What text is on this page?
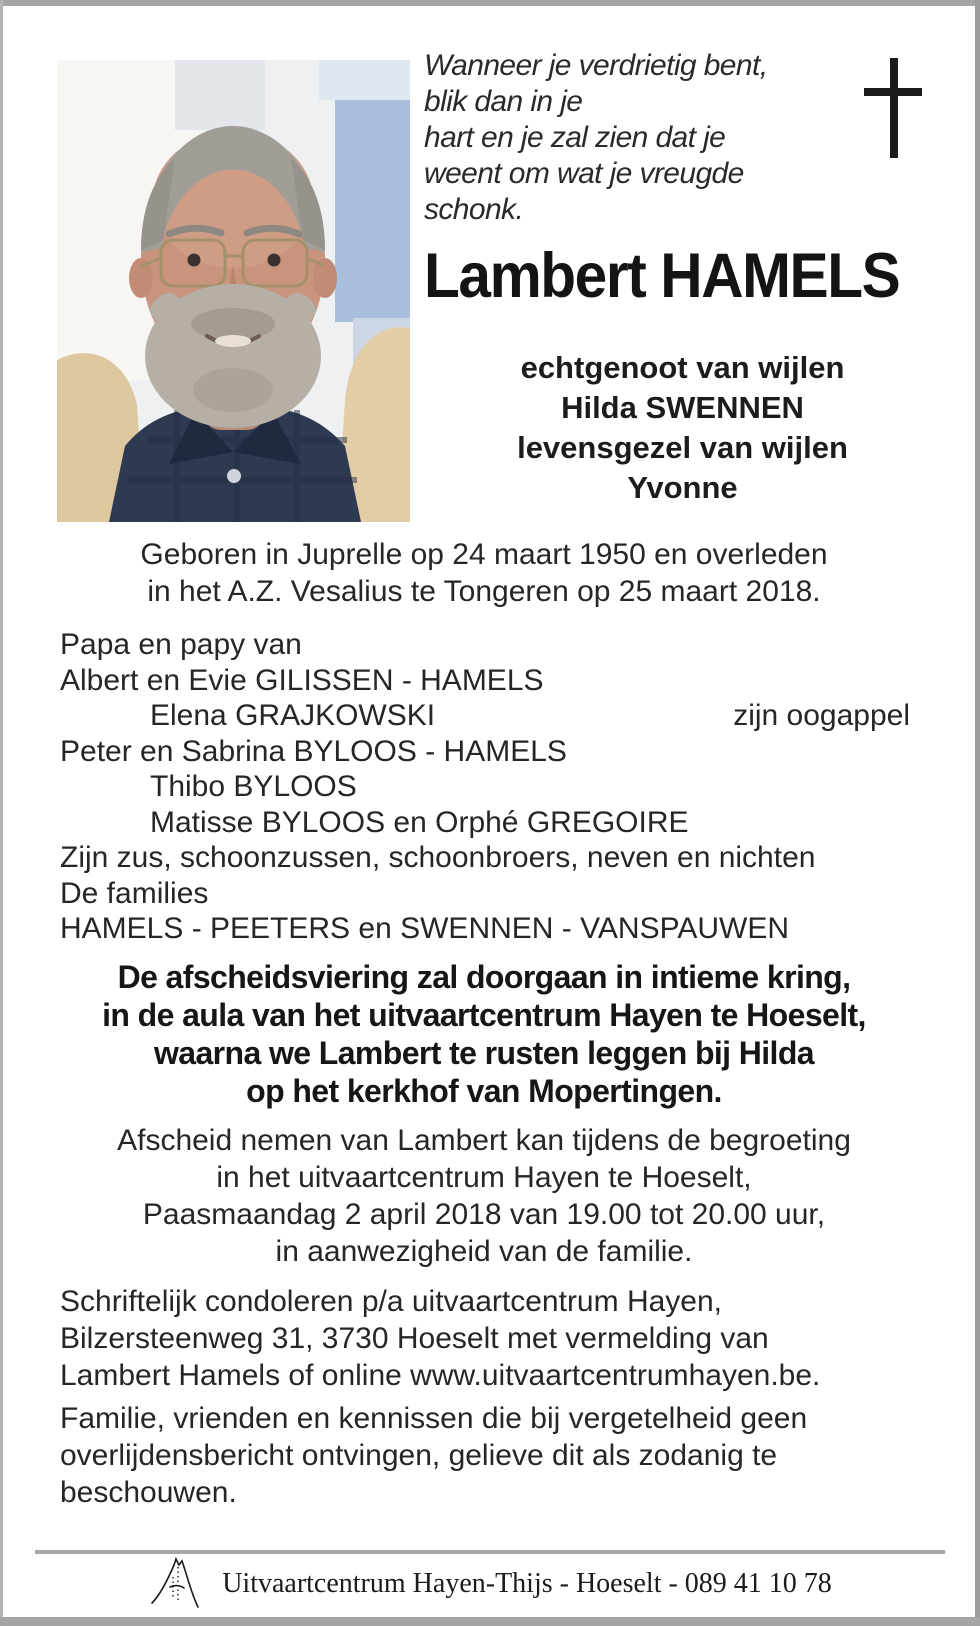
Wanneer je verdrietig bent,
blik dan in je
hart en je zal zien dat je
weent om wat je vreugde
schonk.
Lambert HAMELS
echtgenoot van wijlen
Hilda SWENNEN
levensgezel van wijlen
Yvonne
Geboren in Juprelle op 24 maart 1950 en overleden
in het A.Z. Vesalius te Tongeren op 25 maart 2018.
Papa en papy van
Albert en Evie GILISSEN - HAMELS
Elena GRAJKOWSKI	zijn oogappel
Peter en Sabrina BYLOOS - HAMELS
Thibo BYLOOS
Matisse BYLOOS en Orphé GREGOIRE
Zijn zus, schoonzussen, schoonbroers, neven en nichten
De families
HAMELS - PEETERS en SWENNEN - VANSPAUWEN
De afscheidsviering zal doorgaan in intieme kring,
in de aula van het uitvaartcentrum Hayen te Hoeselt,
waarna we Lambert te rusten leggen bij Hilda
op het kerkhof van Mopertingen.
Afscheid nemen van Lambert kan tijdens de begroeting
in het uitvaartcentrum Hayen te Hoeselt,
Paasmaandag 2 april 2018 van 19.00 tot 20.00 uur,
in aanwezigheid van de familie.
Schriftelijk condoleren p/a uitvaartcentrum Hayen,
Bilzersteenweg 31, 3730 Hoeselt met vermelding van
Lambert Hamels of online www.uitvaartcentrumhayen.be.
Familie, vrienden en kennissen die bij vergetelheid geen
overlijdensbericht ontvingen, gelieve dit als zodanig te
beschouwen.
Uitvaartcentrum Hayen-Thijs - Hoeselt - 089 41 10 78
